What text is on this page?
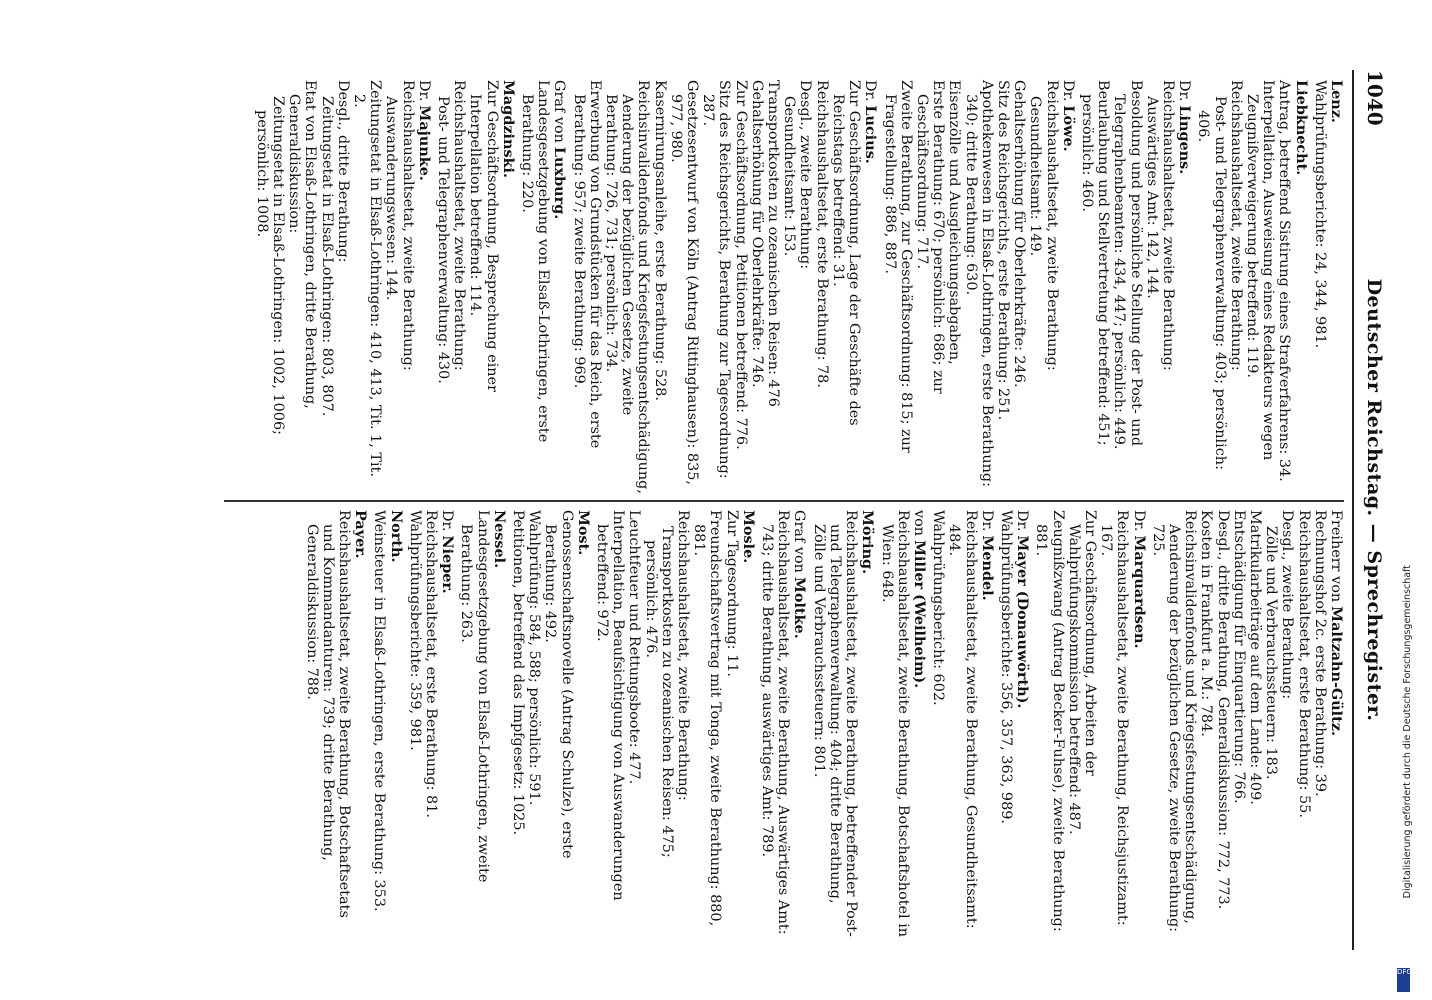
1040
Deutscher Reichstag. — Sprechregister.
Lenz.
Wahlprüfungsberichte: 24, 344, 981.
Liebknecht.
Antrag, betreffend Sistirung eines Strafverfahrens: 34.
Interpellation, Ausweisung eines Redakteurs wegen Zeugnißverweigerung betreffend: 119.
Reichshaushaltsetat, zweite Berathung:
Post- und Telegraphenverwaltung: 403; persönlich: 406.
Dr.Lingens.
Reichshaushaltsetat, zweite Berathung:
Auswärtiges Amt: 142, 144.
Besoldung und persönliche Stellung der Post- und Telegraphenbeamten: 434, 447; persönlich: 449.
Beurlaubung und Stellvertretung betreffend: 451; persönlich: 460.
Dr.Löwe.
Reichshaushaltsetat, zweite Berathung:
Gesundheitsamt: 149.
Gehaltserhöhung für Oberlehrkräfte: 246.
Sitz des Reichsgerichts, erste Berathung: 251.
Apothekenwesen in Elsaß-Lothringen, erste Berathung: 340; dritte Berathung: 630.
Eisenzölle und Ausgleichungsabgaben,
Erste Berathung: 670; persönlich: 686; zur Geschäftsordnung: 717.
Zweite Berathung, zur Geschäftsordnung: 815; zur Fragestellung: 886, 887.
Dr.Lucius.
Zur Geschäftsordnung, Lage der Geschäfte des Reichstags betreffend: 31.
Reichshaushaltsetat, erste Berathung: 78.
Desgl., zweite Berathung:
Gesundheitsamt: 153.
Transportkosten zu ozeanischen Reisen: 476
Gehaltserhöhung für Oberlehrkräfte: 746.
Zur Geschäftsordnung, Petitionen betreffend: 776.
Sitz des Reichsgerichts, Berathung zur Tagesordnung: 287.
Gesetzesentwurf von Köln (Antrag Rittinghausen): 835, 977, 980.
Kasernirungsanleihe, erste Berathung: 528.
Reichsinvalidenfonds und Kriegsfestungsentschädigung, Aenderung der bezüglichen Gesetze, zweite Berathung: 726, 731; persönlich: 734.
Erwerbung von Grundstücken für das Reich, erste Berathung: 957; zweite Berathung: 969.
Graf vonLuxburg.
Landesgesetzgebung von Elsaß-Lothringen, erste Berathung: 220.
Magdzinski.
Zur Geschäftsordnung, Besprechung einer Interpellation betreffend: 114.
Reichshaushaltsetat, zweite Berathung:
Post- und Telegraphenverwaltung: 430.
Dr.Majunke.
Reichshaushaltsetat, zweite Berathung:
Auswanderungswesen: 144.
Zeitungsetat in Elsaß-Lothringen: 410, 413, Tit. 1, Tit. 2.
Desgl., dritte Berathung:
Zeitungsetat in Elsaß-Lothringen: 803, 807.
Etat von Elsaß-Lothringen, dritte Berathung, Generaldiskussion:
Zeitungsetat in Elsaß-Lothringen: 1002, 1006; persönlich: 1008.
Freiherr vonMaltzahn-Gültz.
Rechnungshof 2c. erste Berathung: 39.
Reichshaushaltsetat, erste Berathung: 55.
Desgl., zweite Berathung:
Zölle und Verbrauchssteuern: 183.
Matrikularbeiträge auf dem Lande: 409.
Entschädigung für Einquartierung: 766.
Desgl., dritte Berathung, Generaldiskussion: 772, 773.
Kosten in Frankfurt a. M.: 784.
Reichsinvalidenfonds und Kriegsfestungsentschädigung, Aenderung der bezüglichen Gesetze, zweite Berathung: 725.
Dr.Marquardsen.
Reichshaushaltsetat, zweite Berathung, Reichsjustizamt: 167.
Zur Geschäftsordnung, Arbeiten der Wahlprüfungskommission betreffend: 487.
Zeugnißzwang (Antrag Becker-Fuhse), zweite Berathung: 881.
Dr.Mayer (Donauwörth).
Wahlprüfungsberichte: 356, 357, 363, 989.
Dr.Mendel.
Reichshaushaltsetat, zweite Berathung, Gesundheitsamt: 484.
Wahlprüfungsbericht: 602.
vonMiller (Weilheim).
Reichshaushaltsetat, zweite Berathung, Botschaftshotel in Wien: 648.
Möring.
Reichshaushaltsetat, zweite Berathung, betreffender Post- und Telegraphenverwaltung: 404; dritte Berathung, Zölle und Verbrauchssteuern: 801.
Graf vonMoltke.
Reichshaushaltsetat, zweite Berathung, Auswärtiges Amt: 743; dritte Berathung, auswärtiges Amt: 789.
Mosle.
Zur Tagesordnung: 11.
Freundschaftsvertrag mit Tonga, zweite Berathung: 880, 881.
Reichshaushaltsetat, zweite Berathung:
Transportkosten zu ozeanischen Reisen: 475; persönlich: 476.
Leuchtfeuer und Rettungsboote: 477.
Interpellation, Beaufsichtigung von Auswanderungen betreffend: 972.
Most.
Genossenschaftsnovelle (Antrag Schulze), erste Berathung: 492.
Wahlprüfung: 584, 588; persönlich: 591.
Petitionen, betreffend das Impfgesetz: 1025.
Nessel.
Landesgesetzgebung von Elsaß-Lothringen, zweite Berathung: 263.
Dr.Nieper.
Reichshaushaltsetat, erste Berathung: 81.
Wahlprüfungsberichte: 359, 981.
North.
Weinsteuer in Elsaß-Lothringen, erste Berathung: 353.
Payer.
Reichshaushaltsetat, zweite Berathung, Botschaftsetats und Kommandanturen: 739; dritte Berathung, Generaldiskussion: 788.	Digitalisierung gefördert durch die Deutsche Forschungsgemeinschaft
DFG
